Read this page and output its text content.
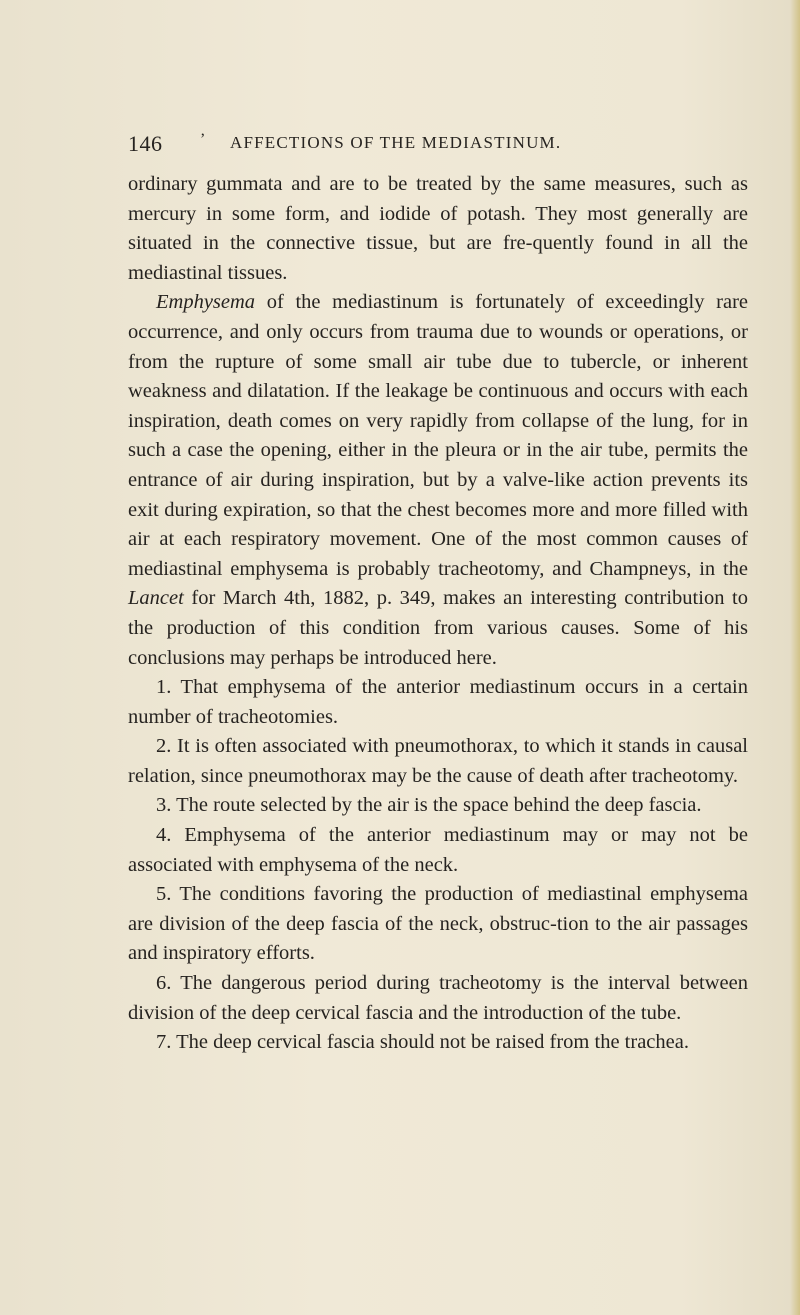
146 ’ AFFECTIONS OF THE MEDIASTINUM.

ordinary gummata and are to be treated by the same measures, such as mercury in some form, and iodide of potash. They most generally are situated in the connective tissue, but are fre-quently found in all the mediastinal tissues.

Emphysema of the mediastinum is fortunately of exceedingly rare occurrence, and only occurs from trauma due to wounds or operations, or from the rupture of some small air tube due to tubercle, or inherent weakness and dilatation. If the leakage be continuous and occurs with each inspiration, death comes on very rapidly from collapse of the lung, for in such a case the opening, either in the pleura or in the air tube, permits the entrance of air during inspiration, but by a valve-like action prevents its exit during expiration, so that the chest becomes more and more filled with air at each respiratory movement. One of the most common causes of mediastinal emphysema is probably tracheotomy, and Champneys, in the Lancet for March 4th, 1882, p. 349, makes an interesting contribution to the production of this condition from various causes. Some of his conclusions may perhaps be introduced here.

1. That emphysema of the anterior mediastinum occurs in a certain number of tracheotomies.

2. It is often associated with pneumothorax, to which it stands in causal relation, since pneumothorax may be the cause of death after tracheotomy.

3. The route selected by the air is the space behind the deep fascia.

4. Emphysema of the anterior mediastinum may or may not be associated with emphysema of the neck.

5. The conditions favoring the production of mediastinal emphysema are division of the deep fascia of the neck, obstruc-tion to the air passages and inspiratory efforts.

6. The dangerous period during tracheotomy is the interval between division of the deep cervical fascia and the introduction of the tube.

7. The deep cervical fascia should not be raised from the trachea.
